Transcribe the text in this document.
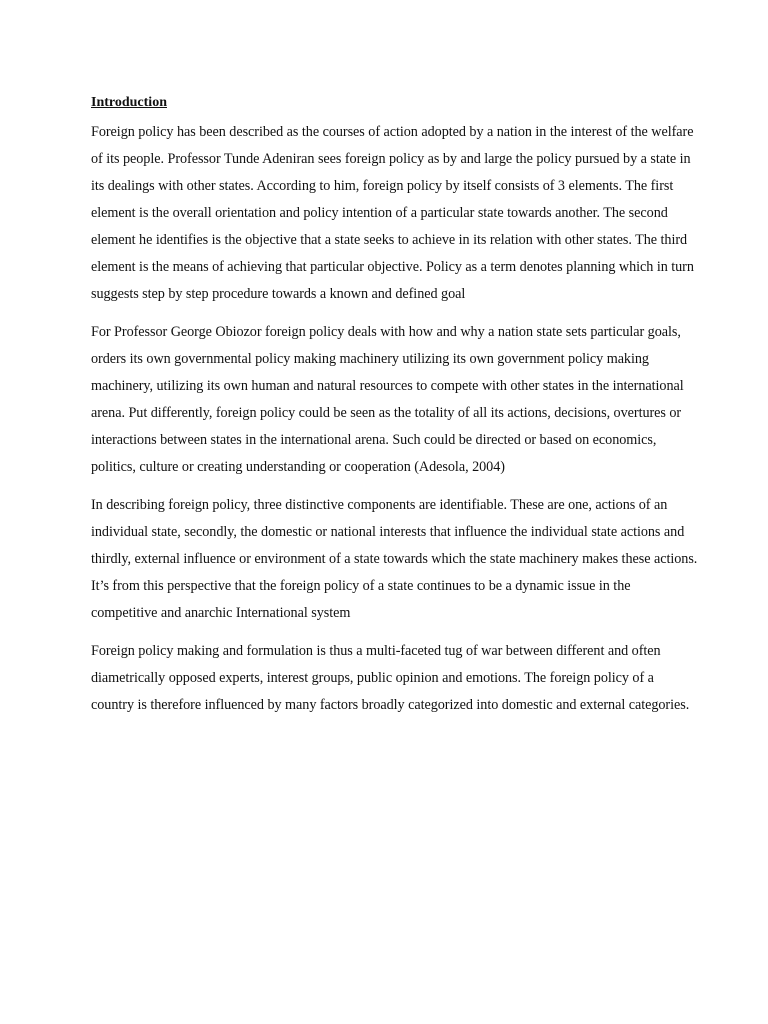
Introduction

Foreign policy has been described as the courses of action adopted by a nation in the interest of the welfare of its people. Professor Tunde Adeniran sees foreign policy as by and large the policy pursued by a state in its dealings with other states. According to him, foreign policy by itself consists of 3 elements. The first element is the overall orientation and policy intention of a particular state towards another. The second element he identifies is the objective that a state seeks to achieve in its relation with other states. The third element is the means of achieving that particular objective. Policy as a term denotes planning which in turn suggests step by step procedure towards a known and defined goal

For Professor George Obiozor foreign policy deals with how and why a nation state sets particular goals, orders its own governmental policy making machinery utilizing its own government policy making machinery, utilizing its own human and natural resources to compete with other states in the international arena. Put differently, foreign policy could be seen as the totality of all its actions, decisions, overtures or interactions between states in the international arena. Such could be directed or based on economics, politics, culture or creating understanding or cooperation (Adesola, 2004)

In describing foreign policy, three distinctive components are identifiable. These are one, actions of an individual state, secondly, the domestic or national interests that influence the individual state actions and thirdly, external influence or environment of a state towards which the state machinery makes these actions. It’s from this perspective that the foreign policy of a state continues to be a dynamic issue in the competitive and anarchic International system

Foreign policy making and formulation is thus a multi-faceted tug of war between different and often diametrically opposed experts, interest groups, public opinion and emotions. The foreign policy of a country is therefore influenced by many factors broadly categorized into domestic and external categories.
